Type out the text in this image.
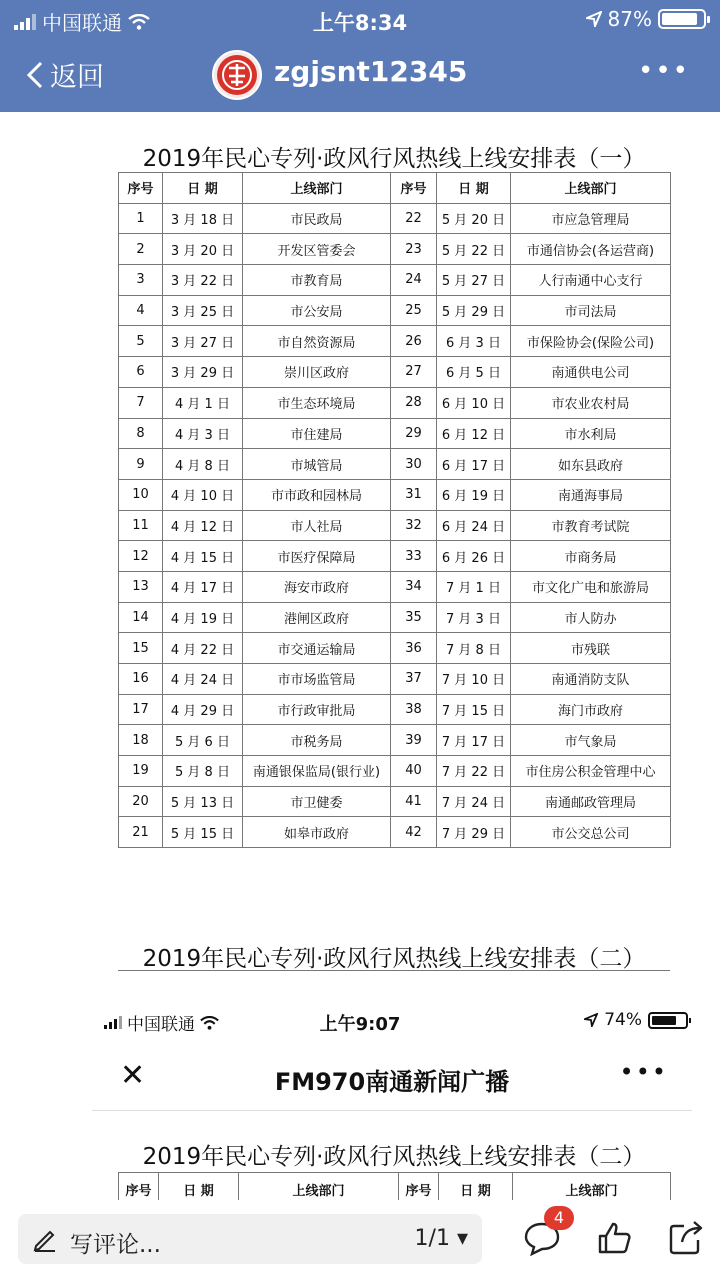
中国联通	上午8:34	87%
返回	zgjsnt12345	•••
2019年民心专列·政风行风热线上线安排表（一）
序号	日 期	上线部门	序号	日 期	上线部门
1	3 月 18 日	市民政局	22	5 月 20 日	市应急管理局
2	3 月 20 日	开发区管委会	23	5 月 22 日	市通信协会(各运营商)
3	3 月 22 日	市教育局	24	5 月 27 日	人行南通中心支行
4	3 月 25 日	市公安局	25	5 月 29 日	市司法局
5	3 月 27 日	市自然资源局	26	6 月 3 日	市保险协会(保险公司)
6	3 月 29 日	崇川区政府	27	6 月 5 日	南通供电公司
7	4 月 1 日	市生态环境局	28	6 月 10 日	市农业农村局
8	4 月 3 日	市住建局	29	6 月 12 日	市水利局
9	4 月 8 日	市城管局	30	6 月 17 日	如东县政府
10	4 月 10 日	市市政和园林局	31	6 月 19 日	南通海事局
11	4 月 12 日	市人社局	32	6 月 24 日	市教育考试院
12	4 月 15 日	市医疗保障局	33	6 月 26 日	市商务局
13	4 月 17 日	海安市政府	34	7 月 1 日	市文化广电和旅游局
14	4 月 19 日	港闸区政府	35	7 月 3 日	市人防办
15	4 月 22 日	市交通运输局	36	7 月 8 日	市残联
16	4 月 24 日	市市场监管局	37	7 月 10 日	南通消防支队
17	4 月 29 日	市行政审批局	38	7 月 15 日	海门市政府
18	5 月 6 日	市税务局	39	7 月 17 日	市气象局
19	5 月 8 日	南通银保监局(银行业)	40	7 月 22 日	市住房公积金管理中心
20	5 月 13 日	市卫健委	41	7 月 24 日	南通邮政管理局
21	5 月 15 日	如皋市政府	42	7 月 29 日	市公交总公司
2019年民心专列·政风行风热线上线安排表（二）
中国联通	上午9:07	74%
✕	FM970南通新闻广播	•••
2019年民心专列·政风行风热线上线安排表（二）
序号	日 期	上线部门	序号	日 期	上线部门
写评论...	1/1 ▾
4
